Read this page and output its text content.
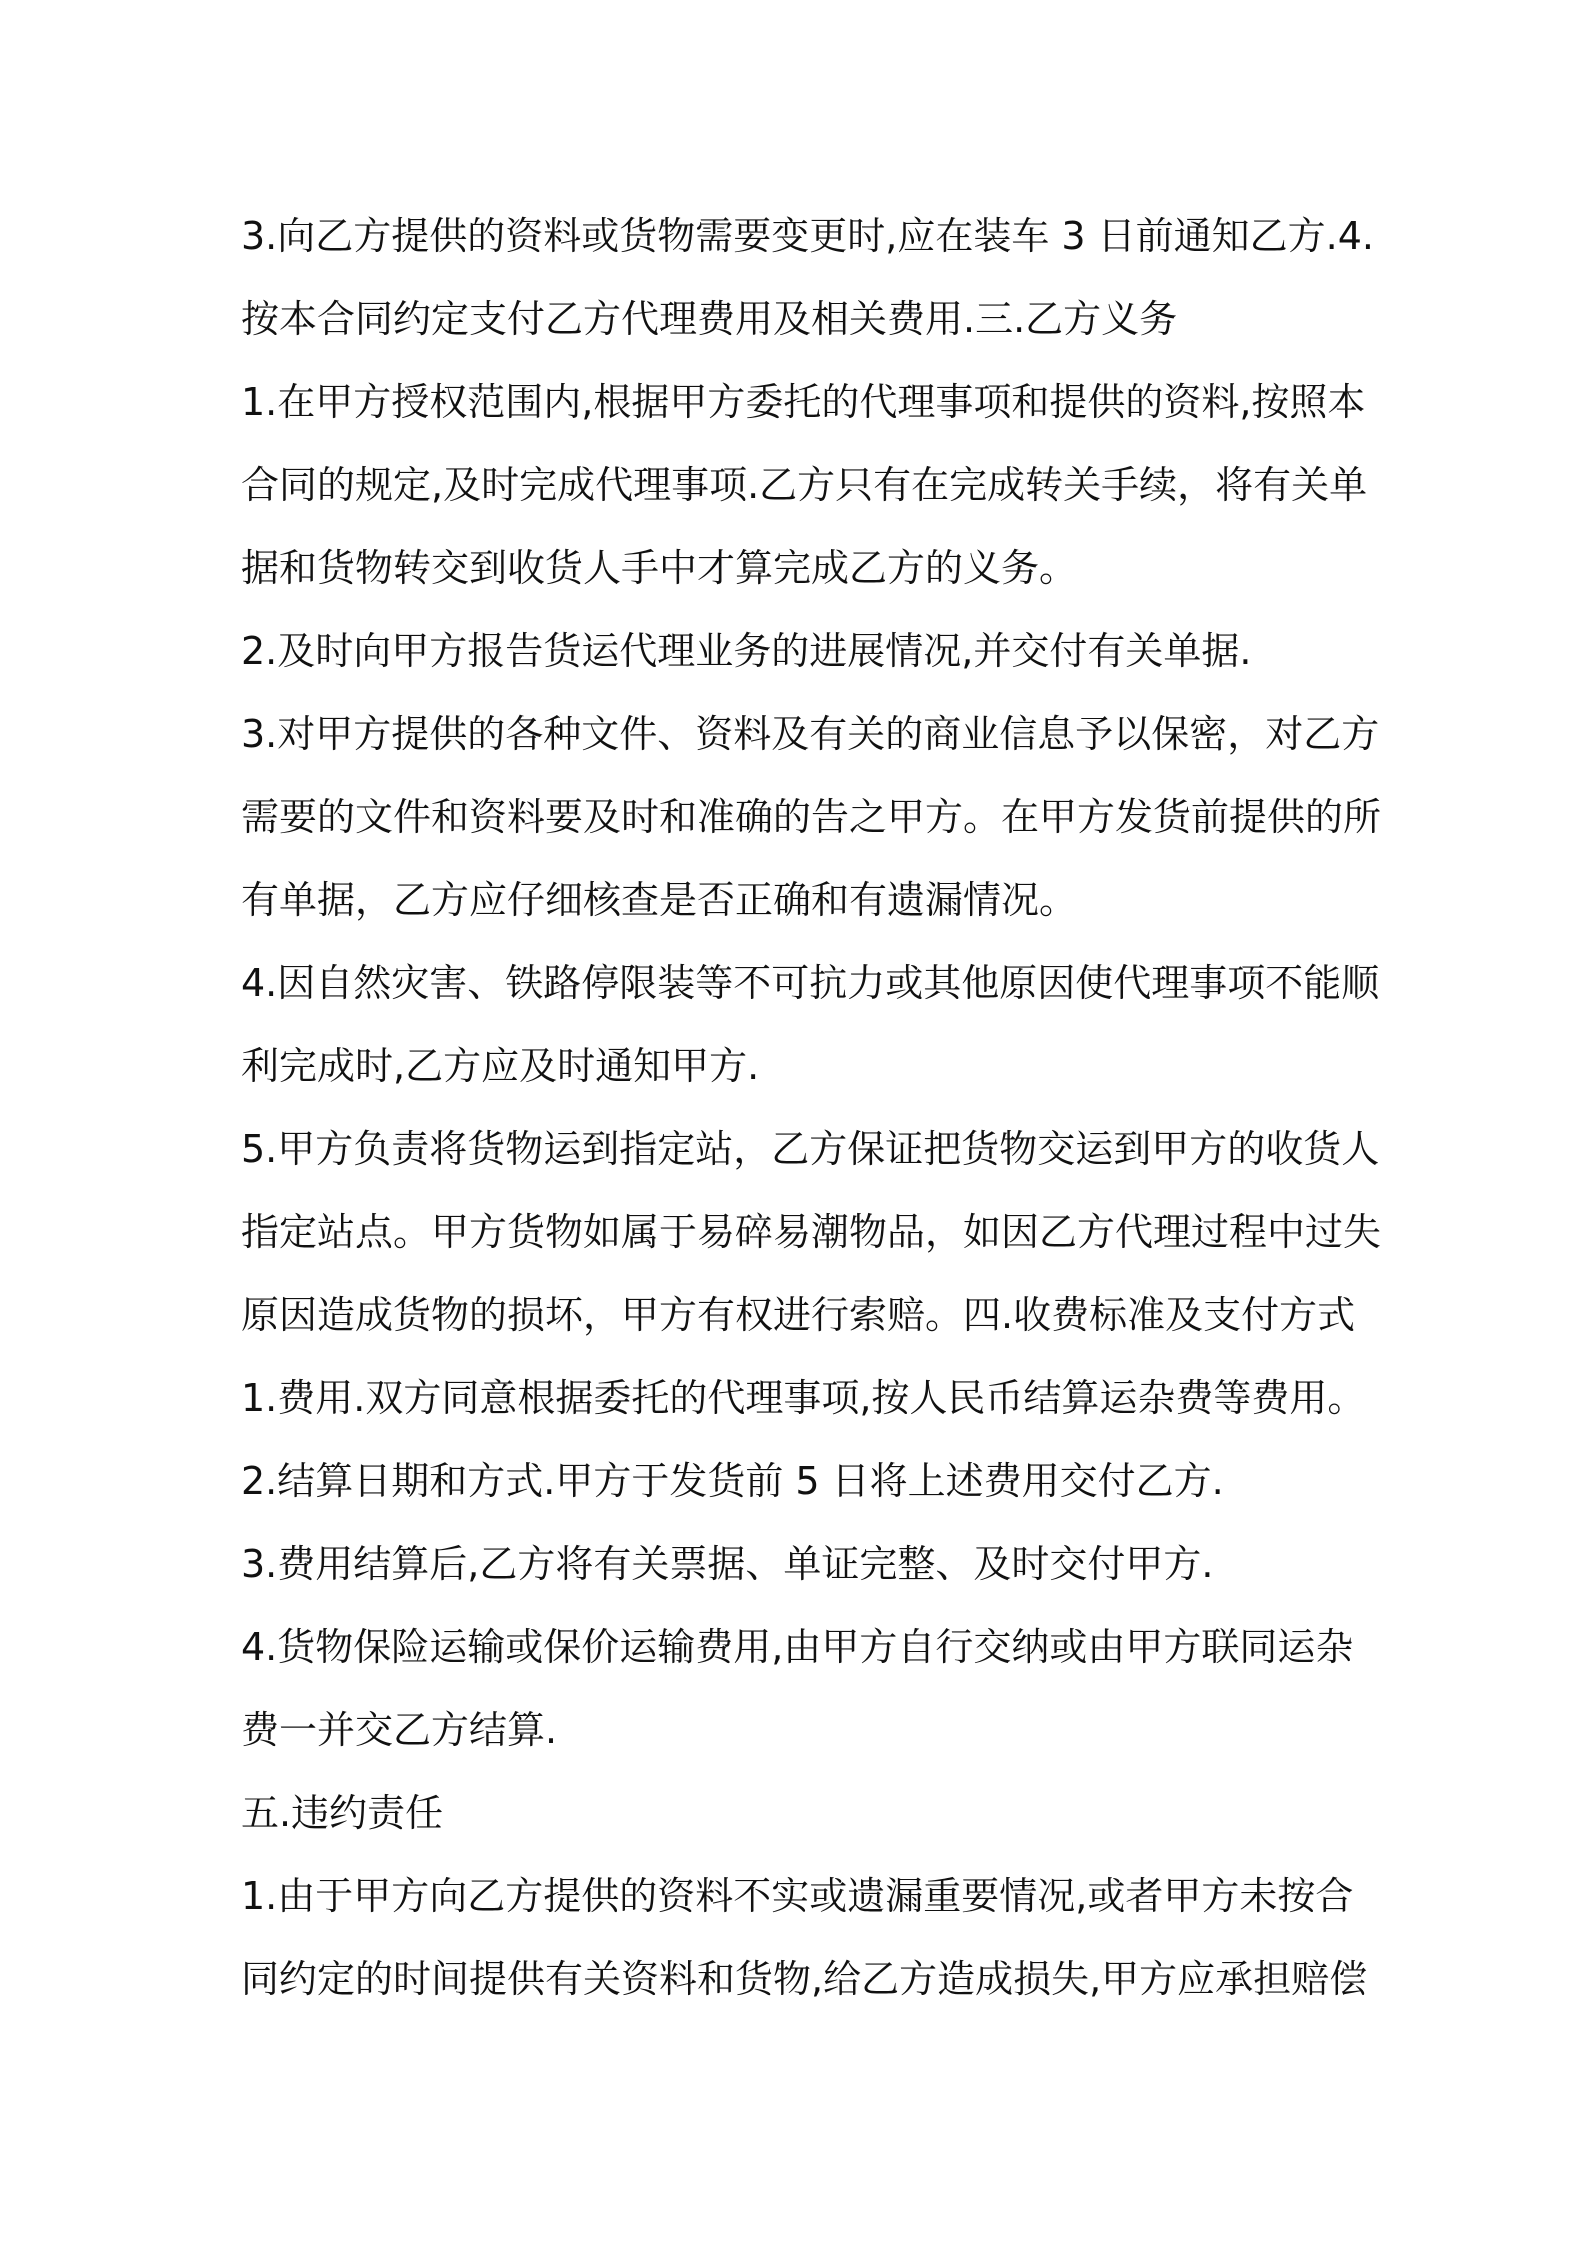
3.向乙方提供的资料或货物需要变更时,应在装车 3 日前通知乙方.4.
按本合同约定支付乙方代理费用及相关费用.三.乙方义务

1.在甲方授权范围内,根据甲方委托的代理事项和提供的资料,按照本
合同的规定,及时完成代理事项.乙方只有在完成转关手续，将有关单
据和货物转交到收货人手中才算完成乙方的义务。

2.及时向甲方报告货运代理业务的进展情况,并交付有关单据.

3.对甲方提供的各种文件、资料及有关的商业信息予以保密，对乙方
需要的文件和资料要及时和准确的告之甲方。在甲方发货前提供的所
有单据，乙方应仔细核查是否正确和有遗漏情况。

4.因自然灾害、铁路停限装等不可抗力或其他原因使代理事项不能顺
利完成时,乙方应及时通知甲方.

5.甲方负责将货物运到指定站，乙方保证把货物交运到甲方的收货人
指定站点。甲方货物如属于易碎易潮物品，如因乙方代理过程中过失
原因造成货物的损坏，甲方有权进行索赔。四.收费标准及支付方式

1.费用.双方同意根据委托的代理事项,按人民币结算运杂费等费用。

2.结算日期和方式.甲方于发货前 5 日将上述费用交付乙方.

3.费用结算后,乙方将有关票据、单证完整、及时交付甲方.

4.货物保险运输或保价运输费用,由甲方自行交纳或由甲方联同运杂
费一并交乙方结算.

五.违约责任

1.由于甲方向乙方提供的资料不实或遗漏重要情况,或者甲方未按合
同约定的时间提供有关资料和货物,给乙方造成损失,甲方应承担赔偿
